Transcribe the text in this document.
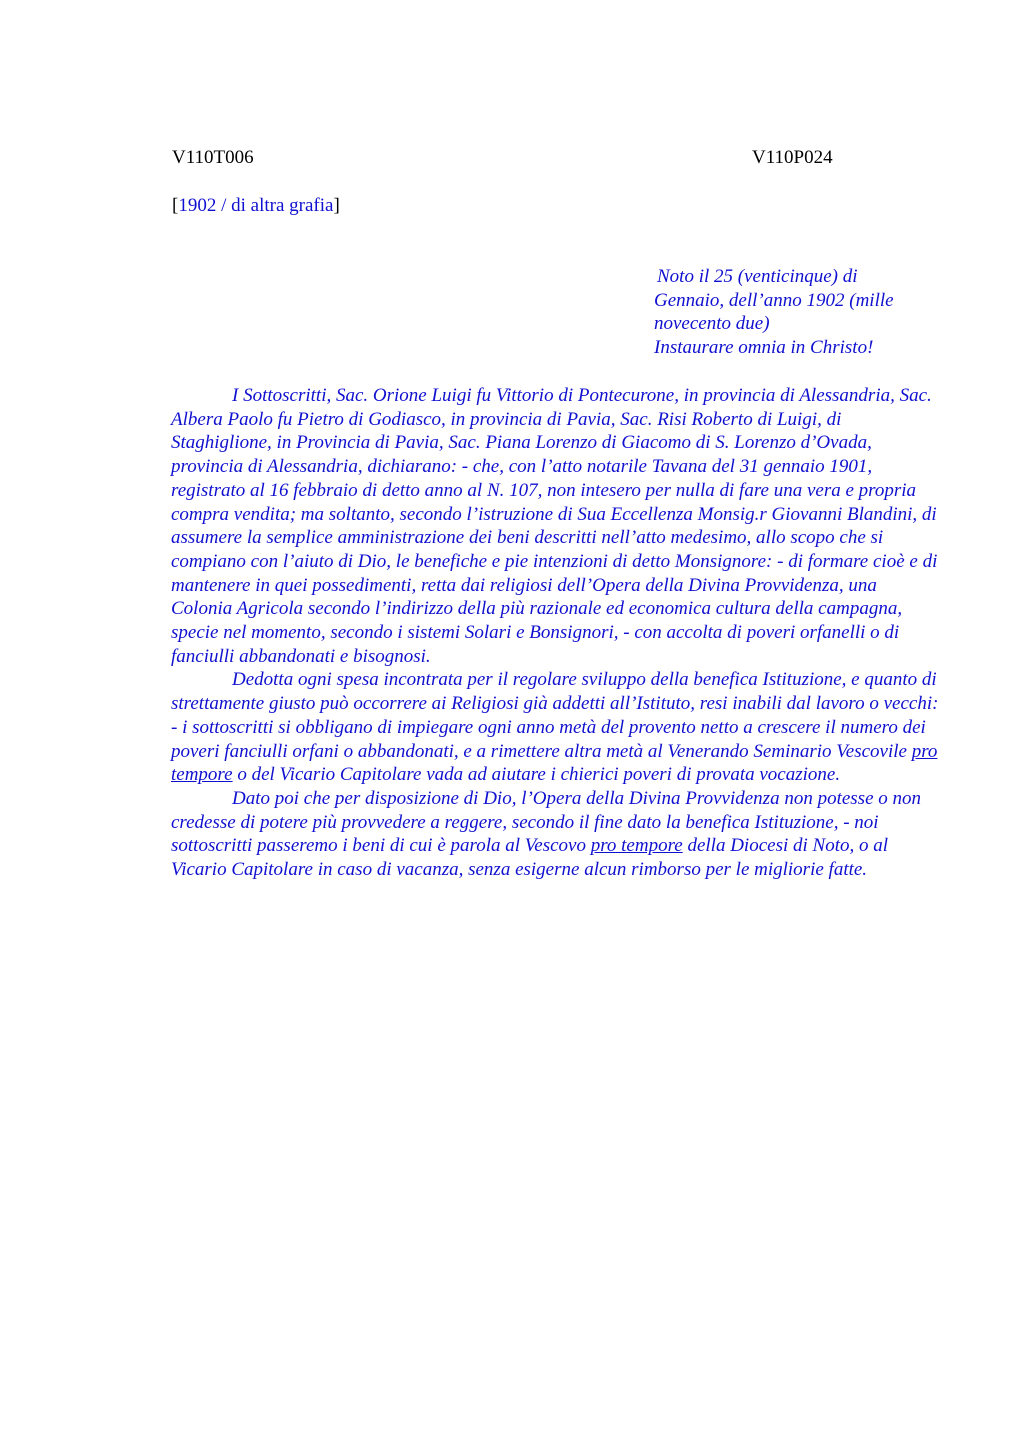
V110T006	V110P024
[1902 / di altra grafia]
Noto il 25 (venticinque) di
Gennaio, dell’anno 1902 (mille
novecento due)
Instaurare omnia in Christo!

I Sottoscritti, Sac. Orione Luigi fu Vittorio di Pontecurone, in provincia di Alessandria, Sac. Albera Paolo fu Pietro di Godiasco, in provincia di Pavia, Sac. Risi Roberto di Luigi, di Staghiglione, in Provincia di Pavia, Sac. Piana Lorenzo di Giacomo di S. Lorenzo d’Ovada, provincia di Alessandria, dichiarano: - che, con l’atto notarile Tavana del 31 gennaio 1901, registrato al 16 febbraio di detto anno al N. 107, non intesero per nulla di fare una vera e propria compra vendita; ma soltanto, secondo l’istruzione di Sua Eccellenza Monsig.r Giovanni Blandini, di assumere la semplice amministrazione dei beni descritti nell’atto medesimo, allo scopo che si compiano con l’aiuto di Dio, le benefiche e pie intenzioni di detto Monsignore: - di formare cioè e di mantenere in quei possedimenti, retta dai religiosi dell’Opera della Divina Provvidenza, una Colonia Agricola secondo l’indirizzo della più razionale ed economica cultura della campagna, specie nel momento, secondo i sistemi Solari e Bonsignori, - con accolta di poveri orfanelli o di fanciulli abbandonati e bisognosi.

Dedotta ogni spesa incontrata per il regolare sviluppo della benefica Istituzione, e quanto di strettamente giusto può occorrere ai Religiosi già addetti all’Istituto, resi inabili dal lavoro o vecchi: - i sottoscritti si obbligano di impiegare ogni anno metà del provento netto a crescere il numero dei poveri fanciulli orfani o abbandonati, e a rimettere altra metà al Venerando Seminario Vescovile pro tempore o del Vicario Capitolare vada ad aiutare i chierici poveri di provata vocazione.

Dato poi che per disposizione di Dio, l’Opera della Divina Provvidenza non potesse o non credesse di potere più provvedere a reggere, secondo il fine dato la benefica Istituzione, - noi sottoscritti passeremo i beni di cui è parola al Vescovo pro tempore della Diocesi di Noto, o al Vicario Capitolare in caso di vacanza, senza esigerne alcun rimborso per le migliorie fatte.
